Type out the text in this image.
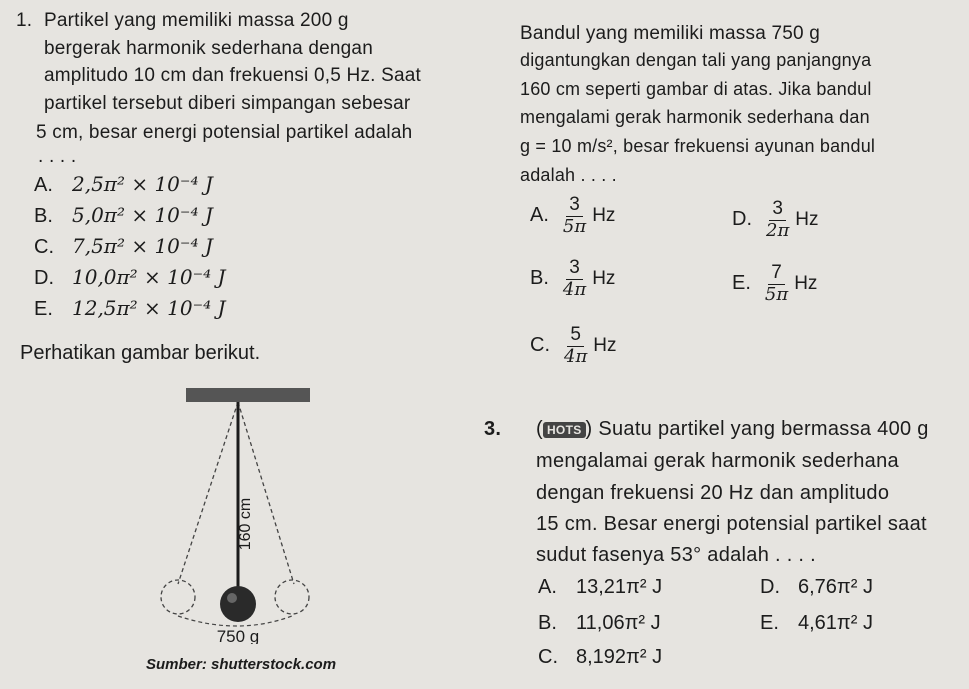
1. Partikel yang memiliki massa 200 g
bergerak harmonik sederhana dengan
amplitudo 10 cm dan frekuensi 0,5 Hz. Saat
partikel tersebut diberi simpangan sebesar
5 cm, besar energi potensial partikel adalah
. . . .
A. 2,5π² × 10⁻⁴ J
B. 5,0π² × 10⁻⁴ J
C. 7,5π² × 10⁻⁴ J
D. 10,0π² × 10⁻⁴ J
E. 12,5π² × 10⁻⁴ J
Perhatikan gambar berikut.
160 cm
750 g
Sumber: shutterstock.com
Bandul yang memiliki massa 750 g
digantungkan dengan tali yang panjangnya
160 cm seperti gambar di atas. Jika bandul
mengalami gerak harmonik sederhana dan
g = 10 m/s², besar frekuensi ayunan bandul
adalah . . . .
A. $\frac{3}{5\pi}$ Hz
B. $\frac{3}{4\pi}$ Hz
C. $\frac{5}{4\pi}$ Hz
D. $\frac{3}{2\pi}$ Hz
E. $\frac{7}{5\pi}$ Hz
3. ( HOTS ) Suatu partikel yang bermassa 400 g
mengalamai gerak harmonik sederhana
dengan frekuensi 20 Hz dan amplitudo
15 cm. Besar energi potensial partikel saat
sudut fasenya 53° adalah . . . .
A. 13,21π² J
B. 11,06π² J
C. 8,192π² J
D. 6,76π² J
E. 4,61π² J
